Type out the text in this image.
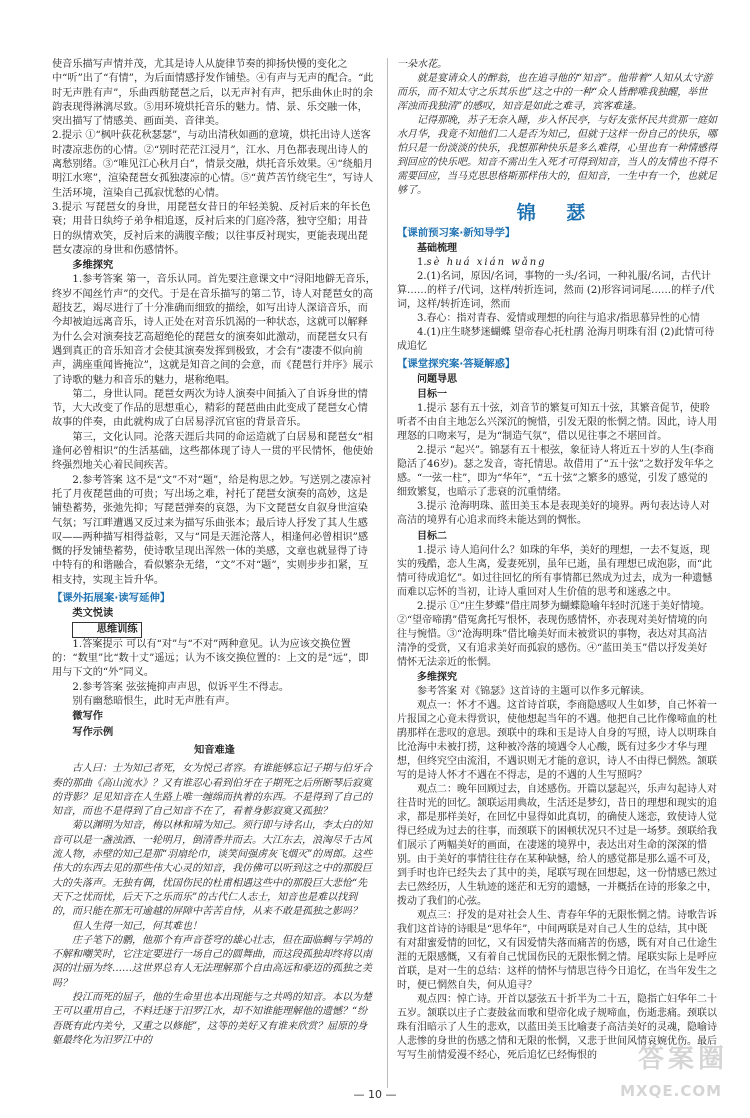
使音乐描写声情并茂，尤其是诗人从旋律节奏的抑扬快慢的变化之中“听”出了“有情”，为后面情感抒发作铺垫。④有声与无声的配合。“此时无声胜有声”，乐曲西舫琵琶之后，以无声衬有声，把乐曲休止时的余韵表现得淋漓尽致。⑤用环境烘托音乐的魅力。情、景、乐交融一体，突出描写了情感美、画面美、音律美。

2.提示 ①“枫叶荻花秋瑟瑟”，与动出清秋如画的意境，烘托出诗人送客时凄凉悲伤的心情。②“别时茫茫江浸月”，江水、月色都表现出诗人的离愁别绪。③“唯见江心秋月白”，情景交融，烘托音乐效果。④“绕船月明江水寒”，渲染琵琶女孤独凄凉的心情。⑤“黄芦苦竹绕宅生”，写诗人生活环境，渲染自己孤寂忧愁的心情。

3.提示 写琵琶女的身世，用琵琶女昔日的年轻美貌、反衬后来的年长色衰；用昔日纨绔子弟争相追逐，反衬后来的门庭冷落，独守空船；用昔日的纵情欢笑，反衬后来的满腹辛酸；以往事反衬现实，更能表现出琵琶女凄凉的身世和伤感情怀。

多维探究

1.参考答案 第一，音乐认同。首先要注意课文中“浔阳地僻无音乐，终岁不闻丝竹声”的交代。于是在音乐描写的第二节，诗人对琵琶女的高超技艺，竭尽进行了十分准确而细致的描绘，如写出诗人深谙音乐，而今却被迫远离音乐，诗人正处在对音乐饥渴的一种状态，这就可以解释为什么会对演奏技艺高超绝伦的琵琶女的演奏如此激动，而琵琶女只有遇到真正的音乐知音才会使其演奏发挥到极致，才会有“凄凄不似向前声，满座重闻皆掩泣”，这就是知音之间的会意，而《琵琶行并序》展示了诗歌的魅力和音乐的魅力，堪称绝唱。

第二，身世认同。琵琶女两次为诗人演奏中间插入了自诉身世的情节，大大改变了作品的思想重心，精彩的琵琶曲由此变成了琵琶女心情故事的伴奏，由此就构成了白居易浮沉官宦的背景音乐。

第三，文化认同。沦落天涯后共同的命运造就了白居易和琵琶女“相逢何必曾相识”的生活基础，这些都体现了诗人一贯的平民情怀，他使始终强烈地关心着民间疾苦。

2.参考答案 这不是“文”不对“题”，给是构思之妙。写送别之凄凉衬托了月夜琵琶曲的可贵；写出场之难，衬托了琵琶女演奏的高妙，这是铺垫蓄势，张弛先抑；写琵琶弹奏的哀怨，为下文琵琶女自叙身世渲染气氛；写江畔遭遇又反过来为描写乐曲张本；最后诗人抒发了其人生感叹——两种描写相得益彰，又与“同是天涯沦落人，相逢何必曾相识”感慨的抒发铺垫蓄势，使诗歌呈现出浑然一体的美感，文章也就显得了诗中特有的和谐融合，看似繁杂无绪，“文”不对“题”，实则步步扣紧，互相支持，实现主旨升华。

【课外拓展案·读写延伸】

类文悦读

思维训练

1.答案提示 可以有“对”与“不对”两种意见。认为应该交换位置的：“数里”比“数十丈”遥远；认为不该交换位置的：上文的是“远”，即用与下文的“外”同义。

2.参考答案 弦弦掩抑声声思，似诉平生不得志。

别有幽愁暗恨生，此时无声胜有声。

微写作

写作示例

知音难逢

古人曰：士为知己者死，女为悦己者容。有谁能够忘记子期与伯牙合奏的那曲《高山流水》？又有谁忍心看到伯牙在子期死之后所断琴后寂寞的背影？足见知音在人生路上唯一缠绵而执着的东西。不是得到了自己的知音，而也不是得到了自己知音不在了，看着身影寂寞又孤独？

菊以渊明为知音，梅以林和靖为知己。须行即与诗名山，李太白的知音可以是一盏浊酒、一轮明月，倒清香井而去。大江东去，浪淘尽千古风流人物，赤壁的知己是那“羽扇纶巾，谈笑间强虏灰飞烟灭”的周郎。这些伟大的东西去见的那些伟大心灵的知音，我仿佛可以听到这之中的那股巨大的失落声。无独有偶，忧国伤民的杜甫相遇这些中的那股巨大悲怆“先天下之忧而忧，后天下之乐而乐”的古代仁人志士，知音也是难以找到的，而只能在那无可逾越的屏障中苦苦自恃，从来不敢是孤独之影吗？

但人生得一知己，何其难也！

庄子笔下的鹏，他那个有声音苍穹的雄心壮志，但在面临蜩与学鸠的不解和嘲笑时，它注定要进行一场自己的圆舞曲，而这段孤独却终将以南溟的壮丽为终……这世界总有人无法理解那个自由高远和豪迈的孤独之美吗？

投江而死的屈子，他的生命里也本出现能与之共鸣的知音。本以为楚王可以重用自己，不料迁逐于汨罗江水，却不知谁能理解他的遗憾？“纷吾既有此内美兮，又重之以修能”，这等的美好又有谁来欣赏？屈原的身躯最终化为汨罗江中的

一朵水花。

就是宴请众人的醉翁，也在追寻他的“知音”。他带着“人知从太守游而乐，而不知太守之乐其乐也”这之中的一种“众人皆醉唯我独醒，举世浑浊而我独清”的感叹，知音是如此之难寻，宾客难逢。

记得那晚，苏子无奈入睡，步入怀民亭，与好友张怀民共赏那一庭如水月华，我竟不知他们二人是否为知己，但就于这样一份自己的快乐，哪怕只是一份淡淡的快乐，我想那种快乐是多么难得，心里也有一种情感得到回应的快乐吧。知音不需出生入死才可得到知音，当人的友情也不得不需要回应，当马克思思格斯那样伟大的，但知音，一生中有一个，也就足够了。

锦 瑟
【课前预习案·新知导学】

基础梳理

1.sè huá xián wǎng

2.(1)名词，原因/名词，事物的一头/名词，一种礼服/名词，古代计算……的样子/代词，这样/转折连词，然而 (2)形容词词尾……的样子/代词，这样/转折连词，然而

3.春心：指对青春、爱情或理想的向往与追求/指思慕异性的心情

4.(1)庄生晓梦迷蝴蝶 望帝春心托杜鹃 沧海月明珠有泪 (2)此情可待成追忆

【课堂探究案·答疑解惑】

问题导思

目标一

1.提示 瑟有五十弦，刘音节的繁复可知五十弦，其繁音促节，使聆听者不由自主地怎么兴深沉的惋惜，引发无限的怅惘之情。因此，诗人用理怒的口吻来写，是为“制造气氛”，借以见往事之不堪回首。

2.提示 “起兴”。锦瑟有五十根弦，象征诗人将近五十岁的人生(李商隐活了46岁)。瑟之发音，寄托情思。故借用了“五十弦”之数抒发年华之感。“一弦一柱”，即为“华年”，“五十弦”之繁多的感觉，引发了感觉的细致繁复，也暗示了悲衰的沉重情绪。

3.提示 沧海明珠、蓝田美玉本是表现美好的境界。两句表达诗人对高洁的境界有心追求而终未能达到的惆怅。

目标二

1.提示 诗人追问什么？如珠的年华，美好的理想，一去不复返，现实的残酷，恋人生离，爱妻死别，虽年已逝，虽有理想已成泡影，而“此情可待成追忆”。如过往回忆的所有事情都已然成为过去，成为一种遗憾而难以忘怀的当初，让诗人重回对人生价值的思考和迷惑之中。

2.提示 ①“庄生梦蝶”借庄周梦为蝴蝶隐喻年轻时沉迷于美好情境。②“望帝啼鹃”借冤禽托写恨怀，表现伤感情怀，亦表现对美好情境的向往与惋惜。③“沧海明珠”借比喻美好而未被赏识的事物，表达对其高洁清净的受赏，又有追求美好而孤寂的感伤。④“蓝田美玉”借以抒发美好情怀无法亲近的怅惘。

多维探究

参考答案 对《锦瑟》这首诗的主题可以作多元解读。

观点一：怀才不遇。这首诗首联，李商隐感叹人生如梦，自己怀着一片报国之心竟未得赏识，使他想起当年的不遇。他把自己比作像啼血的杜鹃那样在悲叹的意思。颈联中的珠和玉是诗人自身的写照，诗人以明珠自比沧海中未被打捞，这种被冷落的境遇令人心酸，既有过多少才华与理想，但终究空由流泪，不遇识则无才能的意识，诗人不由得已惘然。颔联写的是诗人怀才不遇在不得志，是的不遇的人生写照吗？

观点二：晚年回顾过去，自述感伤。开篇以瑟起兴，乐声勾起诗人对往昔时光的回忆。颔联运用典故，生活还是梦幻，昔日的理想和现实的追求，都是那样美好，在回忆中显得如此真切，的确使人迷恋，致使诗人觉得已经成为过去的往事，而颈联下的困顿状况只不过是一场梦。颈联给我们展示了两幅美好的画面，在凄迷的境界中，表达出对生命的深深的惜别。由于美好的事情往往存在某种缺憾，给人的感觉都是那么遥不可及，到手时也许已经失去了其中的美，尾联写现在回想起，这一份情感已然过去已然经历，人生轨迹的迷茫和无穷的遗憾，一并概括在诗的形象之中，拨动了我们的心弦。

观点三：抒发的是对社会人生、青春年华的无限怅惘之情。诗歌告诉我们这首诗的诗眼是“思华年”，中间两联是对自己人生的总结，其中既有对甜蜜爱情的回忆，又有因爱情失落而痛苦的伤感，既有对自己仕途生涯的无限感慨，又有着自己忧国伤民的无限怅惘之情。尾联实际上是呼应首联，是对一生的总结：这样的情怀与情思岂待今日追忆，在当年发生之时，便已惘然自失，何从追寻？

观点四：悼亡诗。开首以瑟弦五十折半为二十五，隐指亡妇华年二十五岁。颔联以庄子亡妻鼓盆而歌和望帝化成子规啼血，伤逝悲痛。颈联以珠有泪暗示了人生的悲欢，以蓝田美玉比喻妻子高洁美好的灵魂，隐喻诗人悲惨的身世的伤感之情和无限的怅惘，又悲于世间风情哀婉优伤。最后写写生前情爱漫不经心，死后追忆已经悔恨的

— 10 —
答案圈
MXQE.COM
